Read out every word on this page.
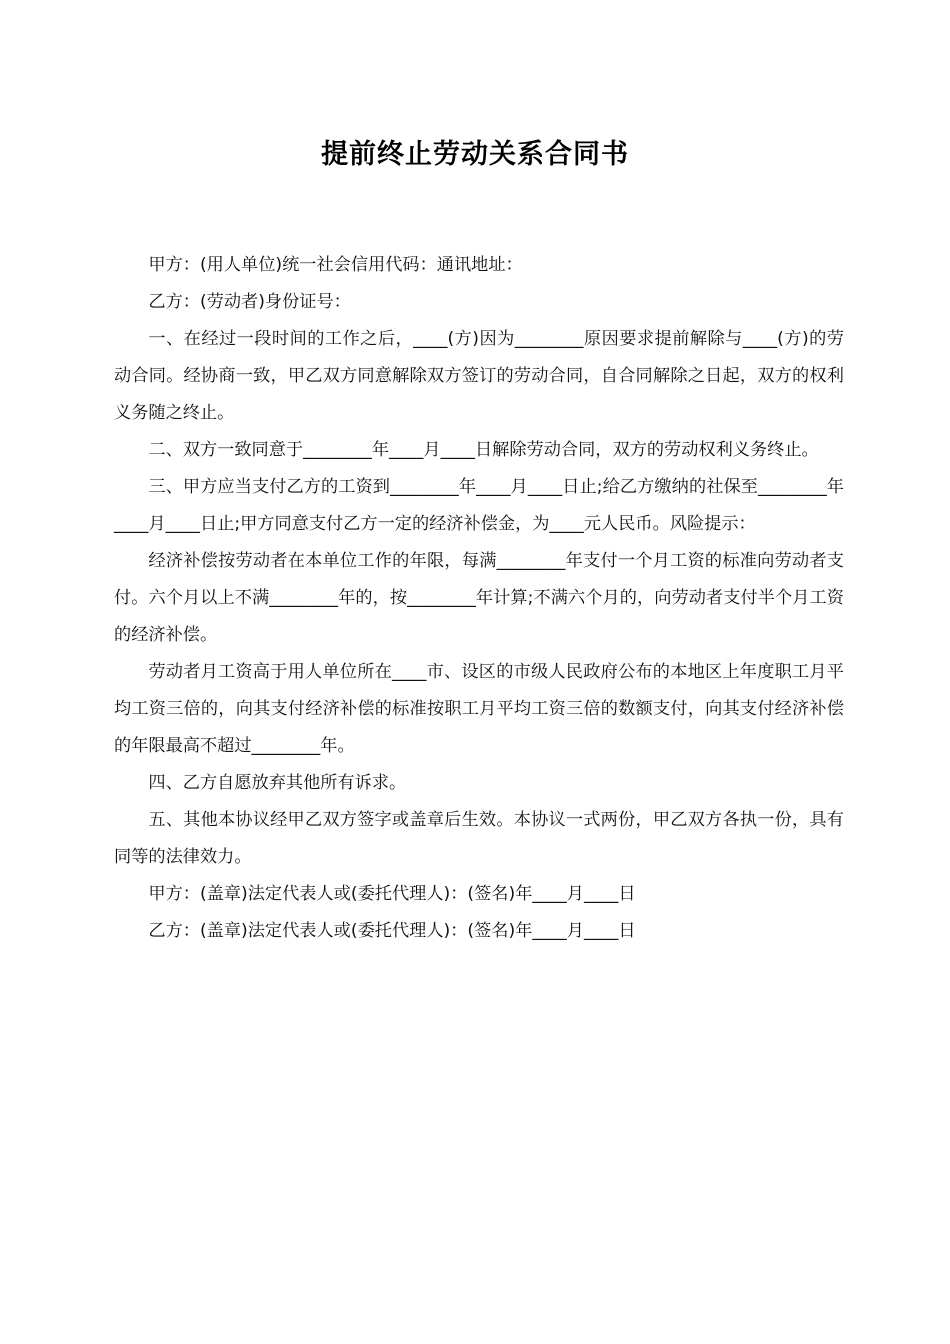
提前终止劳动关系合同书

甲方：(用人单位)统一社会信用代码：通讯地址：

乙方：(劳动者)身份证号：

一、在经过一段时间的工作之后，____(方)因为________原因要求提前解除与____(方)的劳动合同。经协商一致，甲乙双方同意解除双方签订的劳动合同，自合同解除之日起，双方的权利义务随之终止。

二、双方一致同意于________年____月____日解除劳动合同，双方的劳动权利义务终止。

三、甲方应当支付乙方的工资到________年____月____日止;给乙方缴纳的社保至________年____月____日止;甲方同意支付乙方一定的经济补偿金，为____元人民币。风险提示：

经济补偿按劳动者在本单位工作的年限，每满________年支付一个月工资的标准向劳动者支付。六个月以上不满________年的，按________年计算;不满六个月的，向劳动者支付半个月工资的经济补偿。

劳动者月工资高于用人单位所在____市、设区的市级人民政府公布的本地区上年度职工月平均工资三倍的，向其支付经济补偿的标准按职工月平均工资三倍的数额支付，向其支付经济补偿的年限最高不超过________年。

四、乙方自愿放弃其他所有诉求。

五、其他本协议经甲乙双方签字或盖章后生效。本协议一式两份，甲乙双方各执一份，具有同等的法律效力。

甲方：(盖章)法定代表人或(委托代理人)：(签名)年____月____日

乙方：(盖章)法定代表人或(委托代理人)：(签名)年____月____日
